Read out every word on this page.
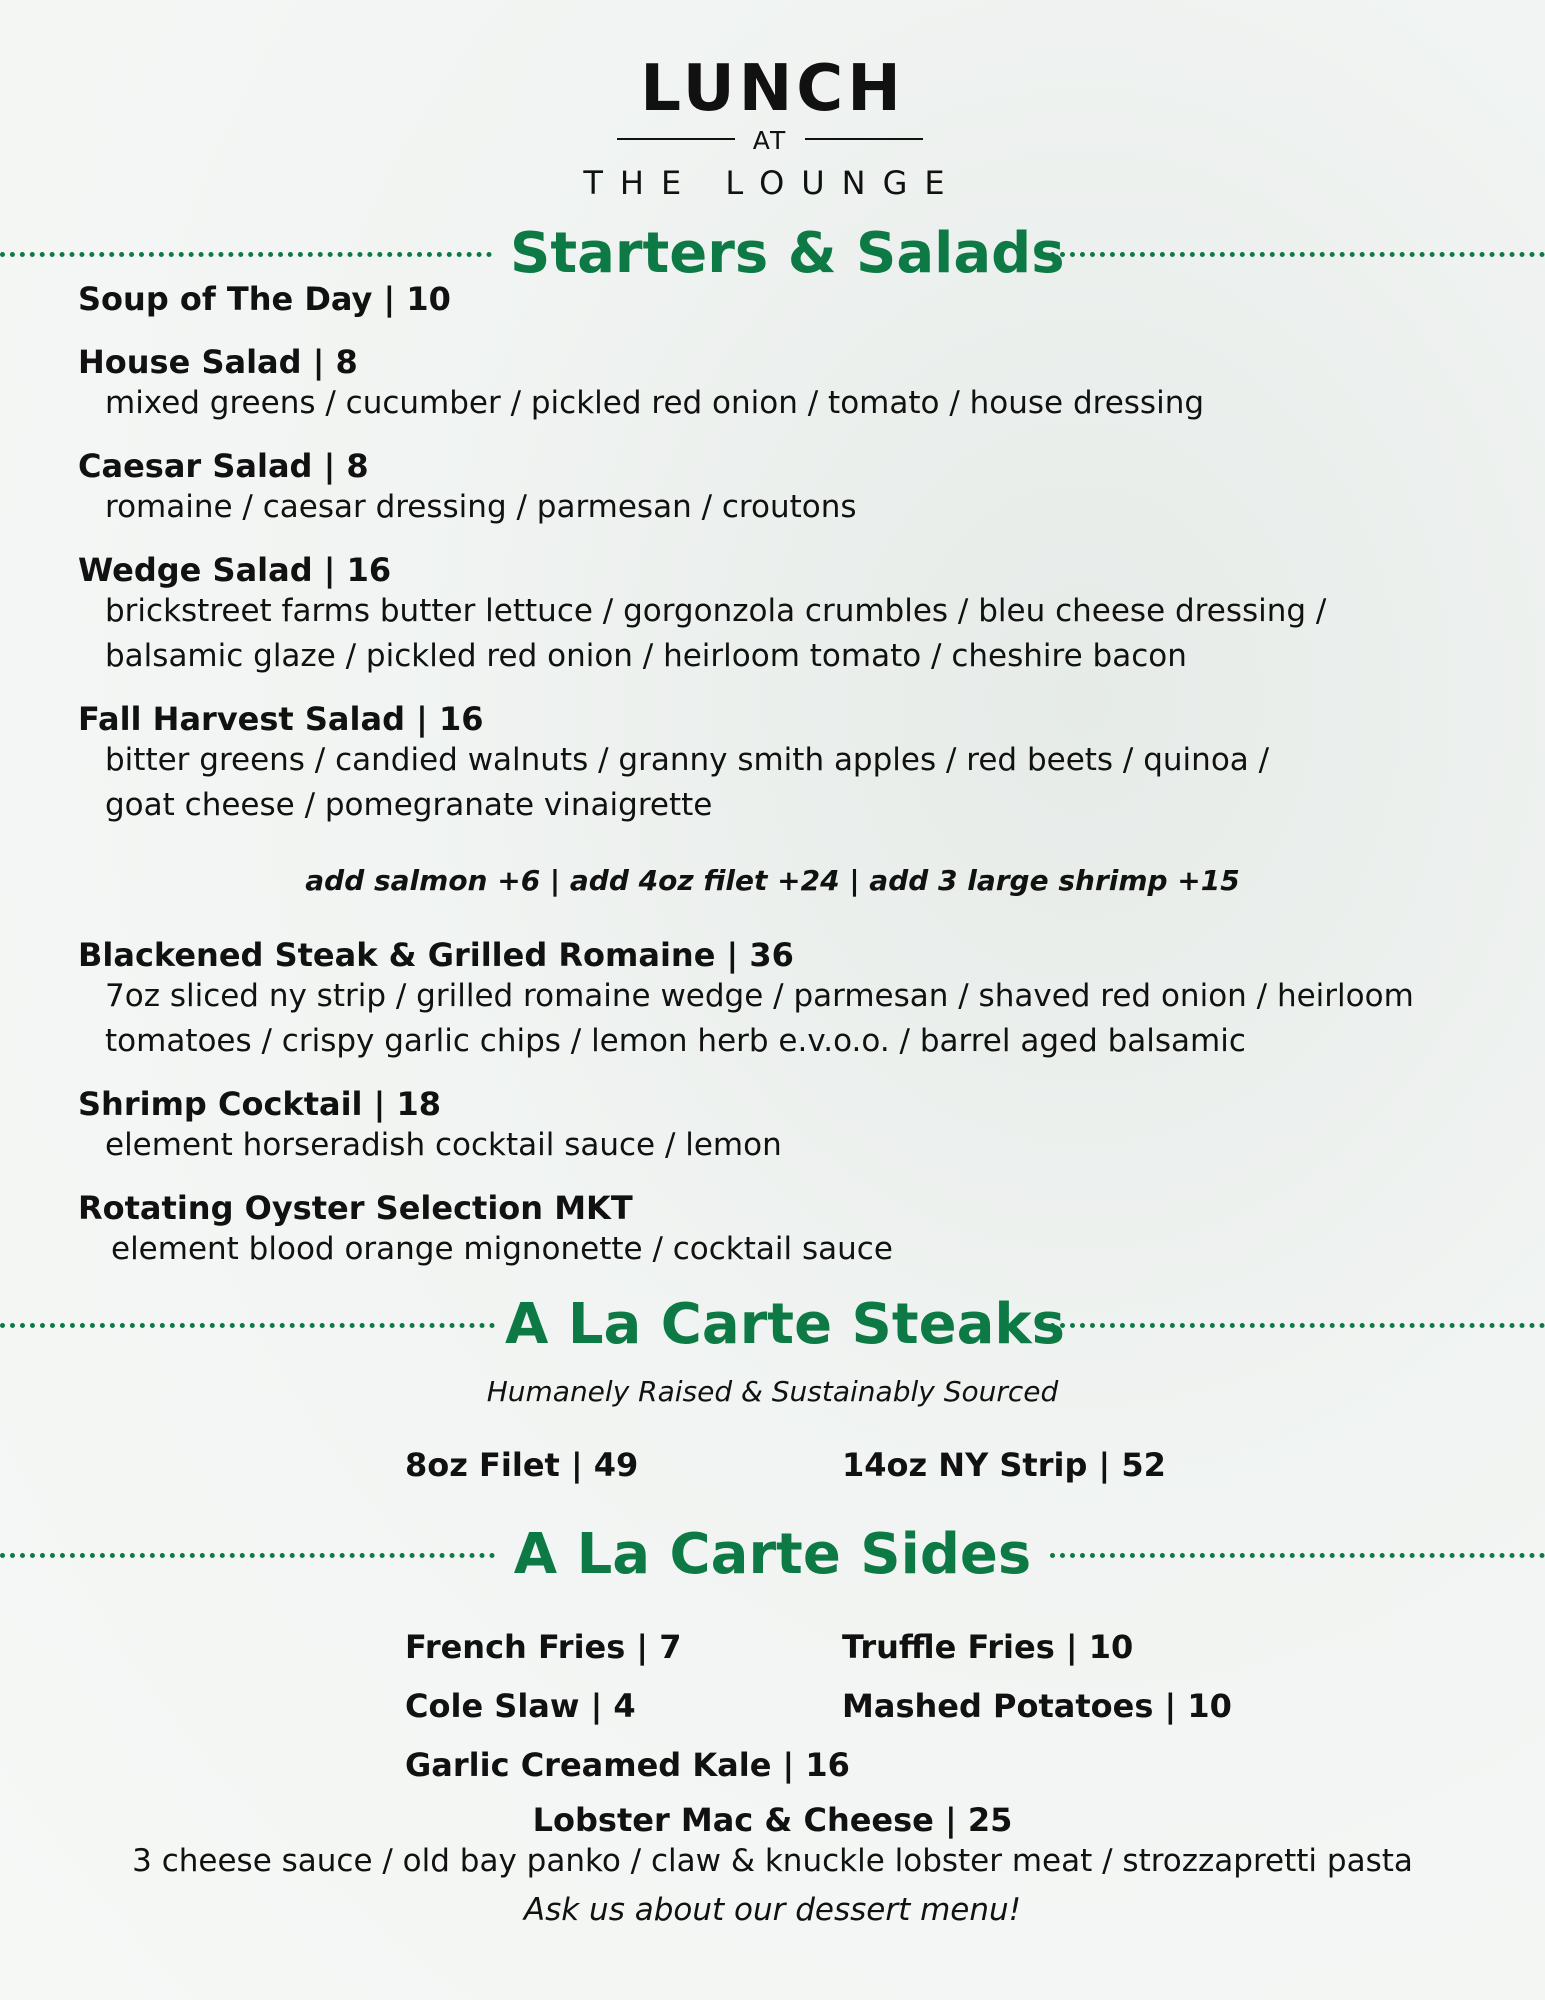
LUNCH
AT
THE LOUNGE
Starters & Salads
Soup of The Day | 10
House Salad | 8
mixed greens / cucumber / pickled red onion / tomato / house dressing
Caesar Salad | 8
romaine / caesar dressing / parmesan / croutons
Wedge Salad | 16
brickstreet farms butter lettuce / gorgonzola crumbles / bleu cheese dressing /
balsamic glaze / pickled red onion / heirloom tomato / cheshire bacon
Fall Harvest Salad | 16
bitter greens / candied walnuts / granny smith apples / red beets / quinoa /
goat cheese / pomegranate vinaigrette
add salmon +6 | add 4oz filet +24 | add 3 large shrimp +15
Blackened Steak & Grilled Romaine | 36
7oz sliced ny strip / grilled romaine wedge / parmesan / shaved red onion / heirloom
tomatoes / crispy garlic chips / lemon herb e.v.o.o. / barrel aged balsamic
Shrimp Cocktail | 18
element horseradish cocktail sauce / lemon
Rotating Oyster Selection MKT
element blood orange mignonette / cocktail sauce
A La Carte Steaks
Humanely Raised & Sustainably Sourced
8oz Filet | 49	14oz NY Strip | 52
A La Carte Sides
French Fries | 7	Truffle Fries | 10
Cole Slaw | 4	Mashed Potatoes | 10
Garlic Creamed Kale | 16
Lobster Mac & Cheese | 25
3 cheese sauce / old bay panko / claw & knuckle lobster meat / strozzapretti pasta
Ask us about our dessert menu!
